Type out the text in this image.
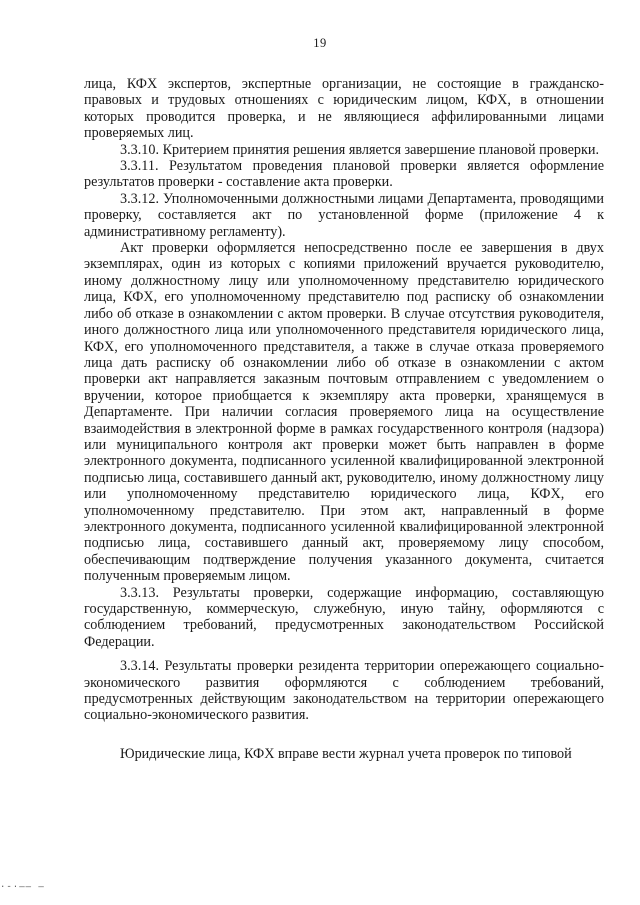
19

лица, КФХ экспертов, экспертные организации, не состоящие в гражданско-правовых и трудовых отношениях с юридическим лицом, КФХ, в отношении которых проводится проверка, и не являющиеся аффилированными лицами проверяемых лиц.

3.3.10. Критерием принятия решения является завершение плановой проверки.

3.3.11. Результатом проведения плановой проверки является оформление результатов проверки - составление акта проверки.

3.3.12. Уполномоченными должностными лицами Департамента, проводящими проверку, составляется акт по установленной форме (приложение 4 к административному регламенту).

Акт проверки оформляется непосредственно после ее завершения в двух экземплярах, один из которых с копиями приложений вручается руководителю, иному должностному лицу или уполномоченному представителю юридического лица, КФХ, его уполномоченному представителю под расписку об ознакомлении либо об отказе в ознакомлении с актом проверки. В случае отсутствия руководителя, иного должностного лица или уполномоченного представителя юридического лица, КФХ, его уполномоченного представителя, а также в случае отказа проверяемого лица дать расписку об ознакомлении либо об отказе в ознакомлении с актом проверки акт направляется заказным почтовым отправлением с уведомлением о вручении, которое приобщается к экземпляру акта проверки, хранящемуся в Департаменте. При наличии согласия проверяемого лица на осуществление взаимодействия в электронной форме в рамках государственного контроля (надзора) или муниципального контроля акт проверки может быть направлен в форме электронного документа, подписанного усиленной квалифицированной электронной подписью лица, составившего данный акт, руководителю, иному должностному лицу или уполномоченному представителю юридического лица, КФХ, его уполномоченному представителю. При этом акт, направленный в форме электронного документа, подписанного усиленной квалифицированной электронной подписью лица, составившего данный акт, проверяемому лицу способом, обеспечивающим подтверждение получения указанного документа, считается полученным проверяемым лицом.

3.3.13. Результаты проверки, содержащие информацию, составляющую государственную, коммерческую, служебную, иную тайну, оформляются с соблюдением требований, предусмотренных законодательством Российской Федерации.

3.3.14. Результаты проверки резидента территории опережающего социально-экономического развития оформляются с соблюдением требований, предусмотренных действующим законодательством на территории опережающего социально-экономического развития.

Юридические лица, КФХ вправе вести журнал учета проверок по типовой

·-·—— —
